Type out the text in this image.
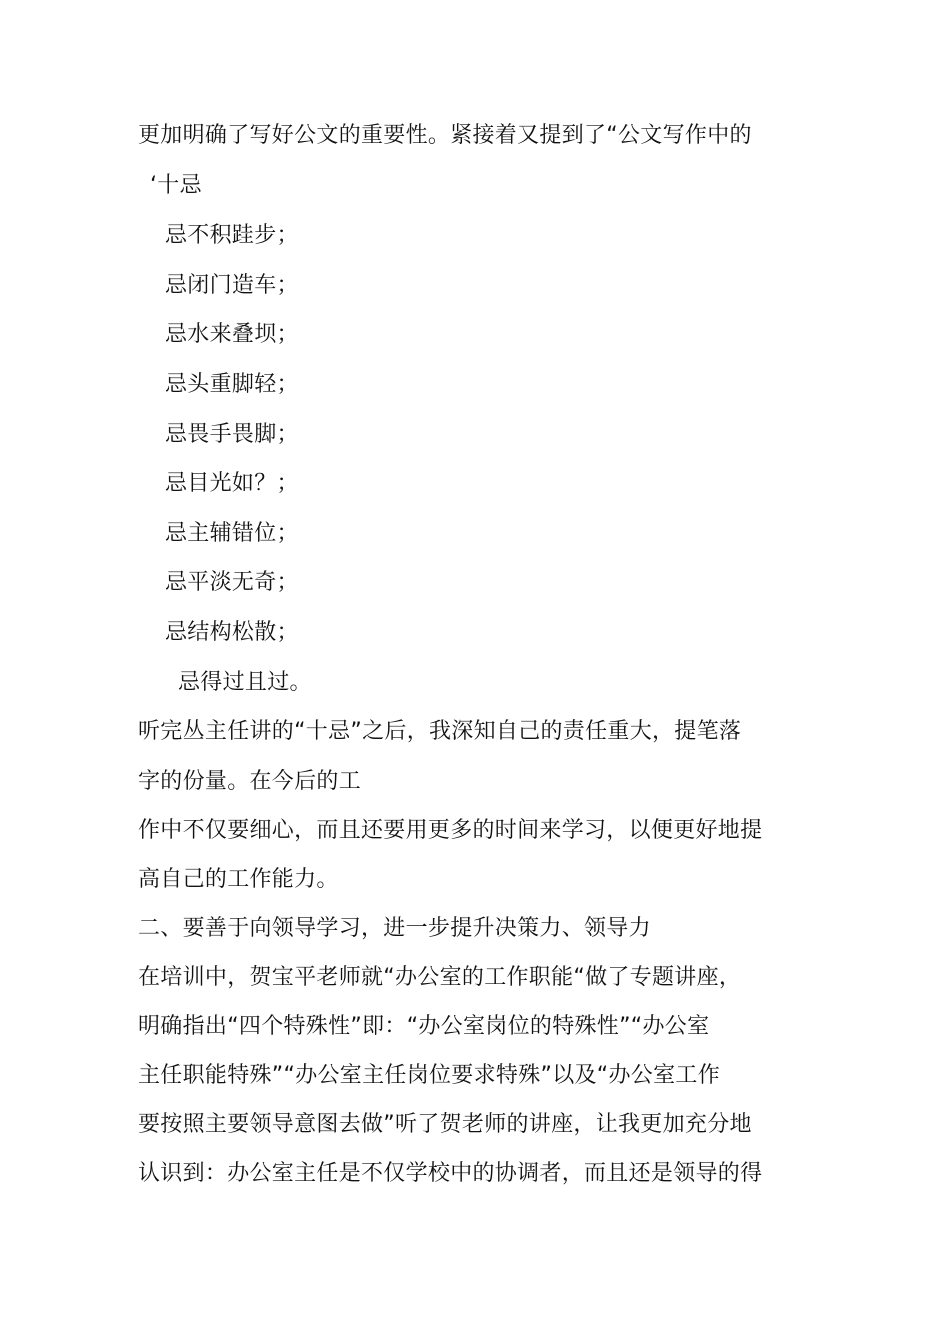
更加明确了写好公文的重要性。紧接着又提到了“公文写作中的
‘十忌
忌不积跬步；
忌闭门造车；
忌水来叠坝；
忌头重脚轻；
忌畏手畏脚；
忌目光如？；
忌主辅错位；
忌平淡无奇；
忌结构松散；
忌得过且过。
听完丛主任讲的“十忌”之后，我深知自己的责任重大，提笔落
字的份量。在今后的工
作中不仅要细心，而且还要用更多的时间来学习，以便更好地提
高自己的工作能力。
二、要善于向领导学习，进一步提升决策力、领导力
在培训中，贺宝平老师就“办公室的工作职能“做了专题讲座，
明确指出“四个特殊性”即：“办公室岗位的特殊性”“办公室
主任职能特殊”“办公室主任岗位要求特殊”以及“办公室工作
要按照主要领导意图去做”听了贺老师的讲座，让我更加充分地
认识到：办公室主任是不仅学校中的协调者，而且还是领导的得
